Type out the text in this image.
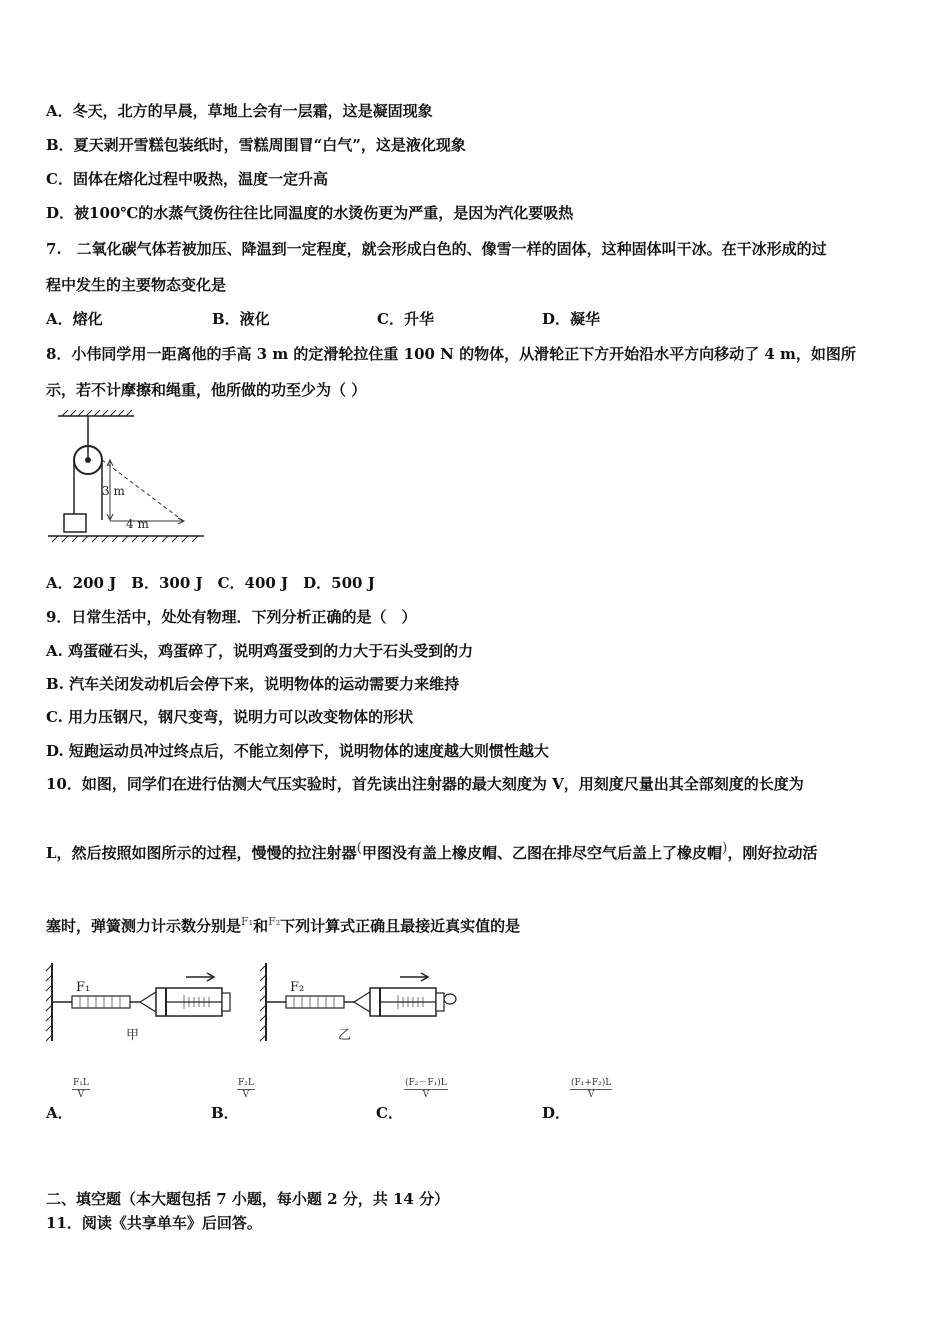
A．冬天，北方的早晨，草地上会有一层霜，这是凝固现象
B．夏天剥开雪糕包装纸时，雪糕周围冒“白气”，这是液化现象
C．固体在熔化过程中吸热，温度一定升高
D．被100℃的水蒸气烫伤往往比同温度的水烫伤更为严重，是因为汽化要吸热
7.　二氧化碳气体若被加压、降温到一定程度，就会形成白色的、像雪一样的固体，这种固体叫干冰。在干冰形成的过
程中发生的主要物态变化是
A．熔化	B．液化	C．升华	D．凝华
8．小伟同学用一距离他的手高 3 m 的定滑轮拉住重 100 N 的物体，从滑轮正下方开始沿水平方向移动了 4 m，如图所
示，若不计摩擦和绳重，他所做的功至少为（ ）
3 m
4 m
A．200 J　B．300 J　C．400 J　D．500 J
9．日常生活中，处处有物理．下列分析正确的是（　）
A. 鸡蛋碰石头，鸡蛋碎了，说明鸡蛋受到的力大于石头受到的力
B. 汽车关闭发动机后会停下来，说明物体的运动需要力来维持
C. 用力压钢尺，钢尺变弯，说明力可以改变物体的形状
D. 短跑运动员冲过终点后，不能立刻停下，说明物体的速度越大则惯性越大
10．如图，同学们在进行估测大气压实验时，首先读出注射器的最大刻度为 V，用刻度尺量出其全部刻度的长度为
L，然后按照如图所示的过程，慢慢的拉注射器(甲图没有盖上橡皮帽、乙图在排尽空气后盖上了橡皮帽)，刚好拉动活
塞时，弹簧测力计示数分别是$^{F_1}$和$^{F_2}$下列计算式正确且最接近真实值的是
F₁
甲
F₂
乙
A．
$\frac{\text{F₁L}}{V}$
B．
$\frac{\text{F₂L}}{V}$
C．
$\frac{\text{(F₂－F₁)L}}{V}$
D．
$\frac{\text{(F₁+F₂)L}}{V}$
二、填空题（本大题包括 7 小题，每小题 2 分，共 14 分）
11．阅读《共享单车》后回答。
